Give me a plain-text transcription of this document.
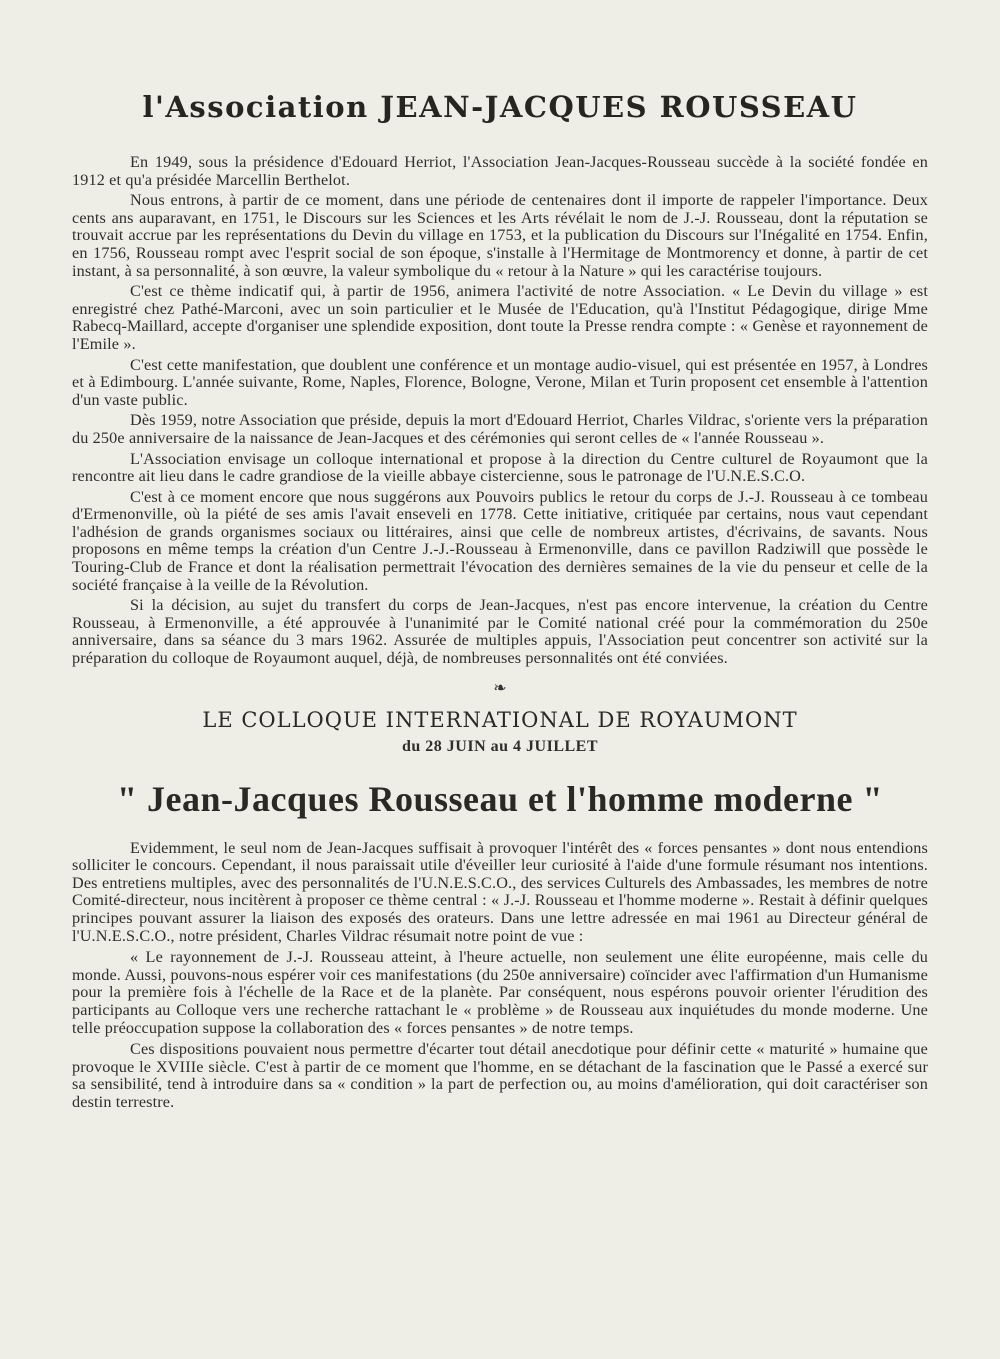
l'Association JEAN-JACQUES ROUSSEAU

En 1949, sous la présidence d'Edouard Herriot, l'Association Jean-Jacques-Rousseau succède à la société fondée en 1912 et qu'a présidée Marcellin Berthelot.

Nous entrons, à partir de ce moment, dans une période de centenaires dont il importe de rappeler l'importance. Deux cents ans auparavant, en 1751, le Discours sur les Sciences et les Arts révélait le nom de J.-J. Rousseau, dont la réputation se trouvait accrue par les représentations du Devin du village en 1753, et la publication du Discours sur l'Inégalité en 1754. Enfin, en 1756, Rousseau rompt avec l'esprit social de son époque, s'installe à l'Hermitage de Montmorency et donne, à partir de cet instant, à sa personnalité, à son œuvre, la valeur symbolique du « retour à la Nature » qui les caractérise toujours.

C'est ce thème indicatif qui, à partir de 1956, animera l'activité de notre Association. « Le Devin du village » est enregistré chez Pathé-Marconi, avec un soin particulier et le Musée de l'Education, qu'à l'Institut Pédagogique, dirige Mme Rabecq-Maillard, accepte d'organiser une splendide exposition, dont toute la Presse rendra compte : « Genèse et rayonnement de l'Emile ».

C'est cette manifestation, que doublent une conférence et un montage audio-visuel, qui est présentée en 1957, à Londres et à Edimbourg. L'année suivante, Rome, Naples, Florence, Bologne, Verone, Milan et Turin proposent cet ensemble à l'attention d'un vaste public.

Dès 1959, notre Association que préside, depuis la mort d'Edouard Herriot, Charles Vildrac, s'oriente vers la préparation du 250e anniversaire de la naissance de Jean-Jacques et des cérémonies qui seront celles de « l'année Rousseau ».

L'Association envisage un colloque international et propose à la direction du Centre culturel de Royaumont que la rencontre ait lieu dans le cadre grandiose de la vieille abbaye cistercienne, sous le patronage de l'U.N.E.S.C.O.

C'est à ce moment encore que nous suggérons aux Pouvoirs publics le retour du corps de J.-J. Rousseau à ce tombeau d'Ermenonville, où la piété de ses amis l'avait enseveli en 1778. Cette initiative, critiquée par certains, nous vaut cependant l'adhésion de grands organismes sociaux ou littéraires, ainsi que celle de nombreux artistes, d'écrivains, de savants. Nous proposons en même temps la création d'un Centre J.-J.-Rousseau à Ermenonville, dans ce pavillon Radziwill que possède le Touring-Club de France et dont la réalisation permettrait l'évocation des dernières semaines de la vie du penseur et celle de la société française à la veille de la Révolution.

Si la décision, au sujet du transfert du corps de Jean-Jacques, n'est pas encore intervenue, la création du Centre Rousseau, à Ermenonville, a été approuvée à l'unanimité par le Comité national créé pour la commémoration du 250e anniversaire, dans sa séance du 3 mars 1962. Assurée de multiples appuis, l'Association peut concentrer son activité sur la préparation du colloque de Royaumont auquel, déjà, de nombreuses personnalités ont été conviées.

❧
LE COLLOQUE INTERNATIONAL DE ROYAUMONT
du 28 JUIN au 4 JUILLET
" Jean-Jacques Rousseau et l'homme moderne "

Evidemment, le seul nom de Jean-Jacques suffisait à provoquer l'intérêt des « forces pensantes » dont nous entendions solliciter le concours. Cependant, il nous paraissait utile d'éveiller leur curiosité à l'aide d'une formule résumant nos intentions. Des entretiens multiples, avec des personnalités de l'U.N.E.S.C.O., des services Culturels des Ambassades, les membres de notre Comité-directeur, nous incitèrent à proposer ce thème central : « J.-J. Rousseau et l'homme moderne ». Restait à définir quelques principes pouvant assurer la liaison des exposés des orateurs. Dans une lettre adressée en mai 1961 au Directeur général de l'U.N.E.S.C.O., notre président, Charles Vildrac résumait notre point de vue :

« Le rayonnement de J.-J. Rousseau atteint, à l'heure actuelle, non seulement une élite européenne, mais celle du monde. Aussi, pouvons-nous espérer voir ces manifestations (du 250e anniversaire) coïncider avec l'affirmation d'un Humanisme pour la première fois à l'échelle de la Race et de la planète. Par conséquent, nous espérons pouvoir orienter l'érudition des participants au Colloque vers une recherche rattachant le « problème » de Rousseau aux inquiétudes du monde moderne. Une telle préoccupation suppose la collaboration des « forces pensantes » de notre temps.

Ces dispositions pouvaient nous permettre d'écarter tout détail anecdotique pour définir cette « maturité » humaine que provoque le XVIIIe siècle. C'est à partir de ce moment que l'homme, en se détachant de la fascination que le Passé a exercé sur sa sensibilité, tend à introduire dans sa « condition » la part de perfection ou, au moins d'amélioration, qui doit caractériser son destin terrestre.
